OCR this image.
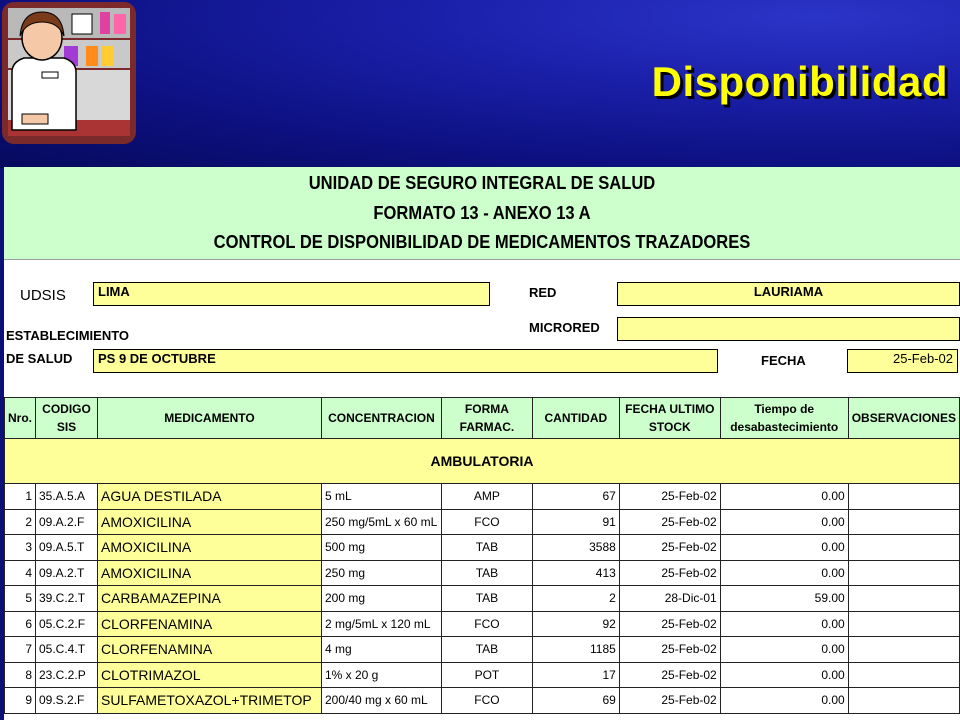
Disponibilidad
UNIDAD DE SEGURO INTEGRAL DE SALUD
FORMATO 13 - ANEXO 13 A
CONTROL DE DISPONIBILIDAD DE MEDICAMENTOS TRAZADORES
UDSIS	LIMA	RED	LAURIAMA
MICRORED
ESTABLECIMIENTO
DE SALUD	PS 9 DE OCTUBRE	FECHA	25-Feb-02
Nro.	CODIGO SIS	MEDICAMENTO	CONCENTRACION	FORMA FARMAC.	CANTIDAD	FECHA ULTIMO STOCK	Tiempo de desabastecimiento	OBSERVACIONES
AMBULATORIA								
1	35.A.5.A	AGUA DESTILADA	5 mL	AMP	67	25-Feb-02	0.00	
2	09.A.2.F	AMOXICILINA	250 mg/5mL x 60 mL	FCO	91	25-Feb-02	0.00	
3	09.A.5.T	AMOXICILINA	500 mg	TAB	3588	25-Feb-02	0.00	
4	09.A.2.T	AMOXICILINA	250 mg	TAB	413	25-Feb-02	0.00	
5	39.C.2.T	CARBAMAZEPINA	200 mg	TAB	2	28-Dic-01	59.00	
6	05.C.2.F	CLORFENAMINA	2 mg/5mL x 120 mL	FCO	92	25-Feb-02	0.00	
7	05.C.4.T	CLORFENAMINA	4 mg	TAB	1185	25-Feb-02	0.00	
8	23.C.2.P	CLOTRIMAZOL	1% x 20 g	POT	17	25-Feb-02	0.00	
9	09.S.2.F	SULFAMETOXAZOL+TRIMETOP	200/40 mg x 60 mL	FCO	69	25-Feb-02	0.00	
